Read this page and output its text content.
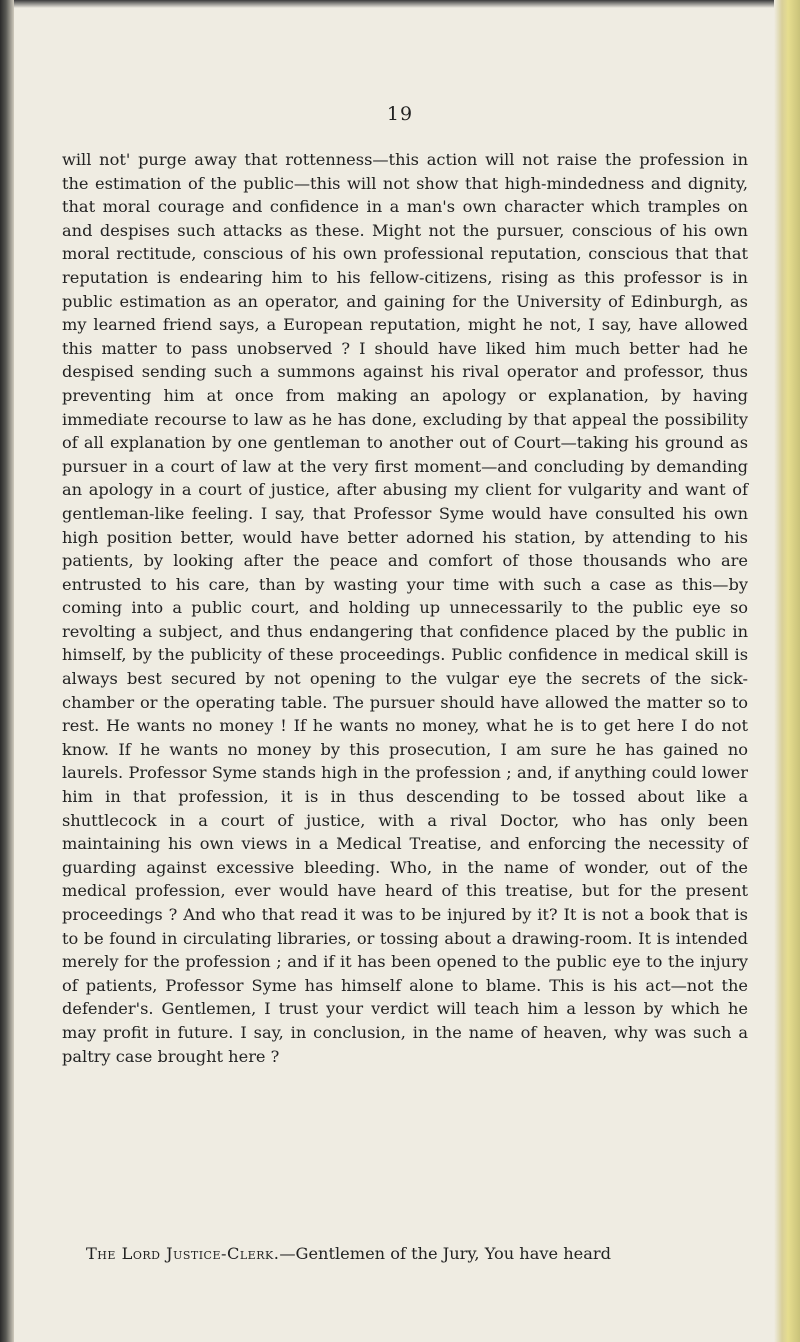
19

will not' purge away that rottenness—this action will not raise the profession in the estimation of the public—this will not show that high-mindedness and dignity, that moral courage and confidence in a man's own character which tramples on and despises such attacks as these. Might not the pursuer, conscious of his own moral rectitude, conscious of his own professional reputation, conscious that that reputation is endearing him to his fellow-citizens, rising as this professor is in public estimation as an operator, and gaining for the University of Edinburgh, as my learned friend says, a European reputation, might he not, I say, have allowed this matter to pass unobserved ? I should have liked him much better had he despised sending such a summons against his rival operator and professor, thus preventing him at once from making an apology or explanation, by having immediate recourse to law as he has done, excluding by that appeal the possibility of all explanation by one gentleman to another out of Court—taking his ground as pursuer in a court of law at the very first moment—and concluding by demanding an apology in a court of justice, after abusing my client for vulgarity and want of gentleman-like feeling. I say, that Professor Syme would have consulted his own high position better, would have better adorned his station, by attending to his patients, by looking after the peace and comfort of those thousands who are entrusted to his care, than by wasting your time with such a case as this—by coming into a public court, and holding up unnecessarily to the public eye so revolting a subject, and thus endangering that confidence placed by the public in himself, by the publicity of these proceedings. Public confidence in medical skill is always best secured by not opening to the vulgar eye the secrets of the sick-chamber or the operating table. The pursuer should have allowed the matter so to rest. He wants no money ! If he wants no money, what he is to get here I do not know. If he wants no money by this prosecution, I am sure he has gained no laurels. Professor Syme stands high in the profession ; and, if anything could lower him in that profession, it is in thus descending to be tossed about like a shuttlecock in a court of justice, with a rival Doctor, who has only been maintaining his own views in a Medical Treatise, and enforcing the necessity of guarding against excessive bleeding. Who, in the name of wonder, out of the medical profession, ever would have heard of this treatise, but for the present proceedings ? And who that read it was to be injured by it? It is not a book that is to be found in circulating libraries, or tossing about a drawing-room. It is intended merely for the profession ; and if it has been opened to the public eye to the injury of patients, Professor Syme has himself alone to blame. This is his act—not the defender's. Gentlemen, I trust your verdict will teach him a lesson by which he may profit in future. I say, in conclusion, in the name of heaven, why was such a paltry case brought here ?

The Lord Justice-Clerk.—Gentlemen of the Jury, You have heard
